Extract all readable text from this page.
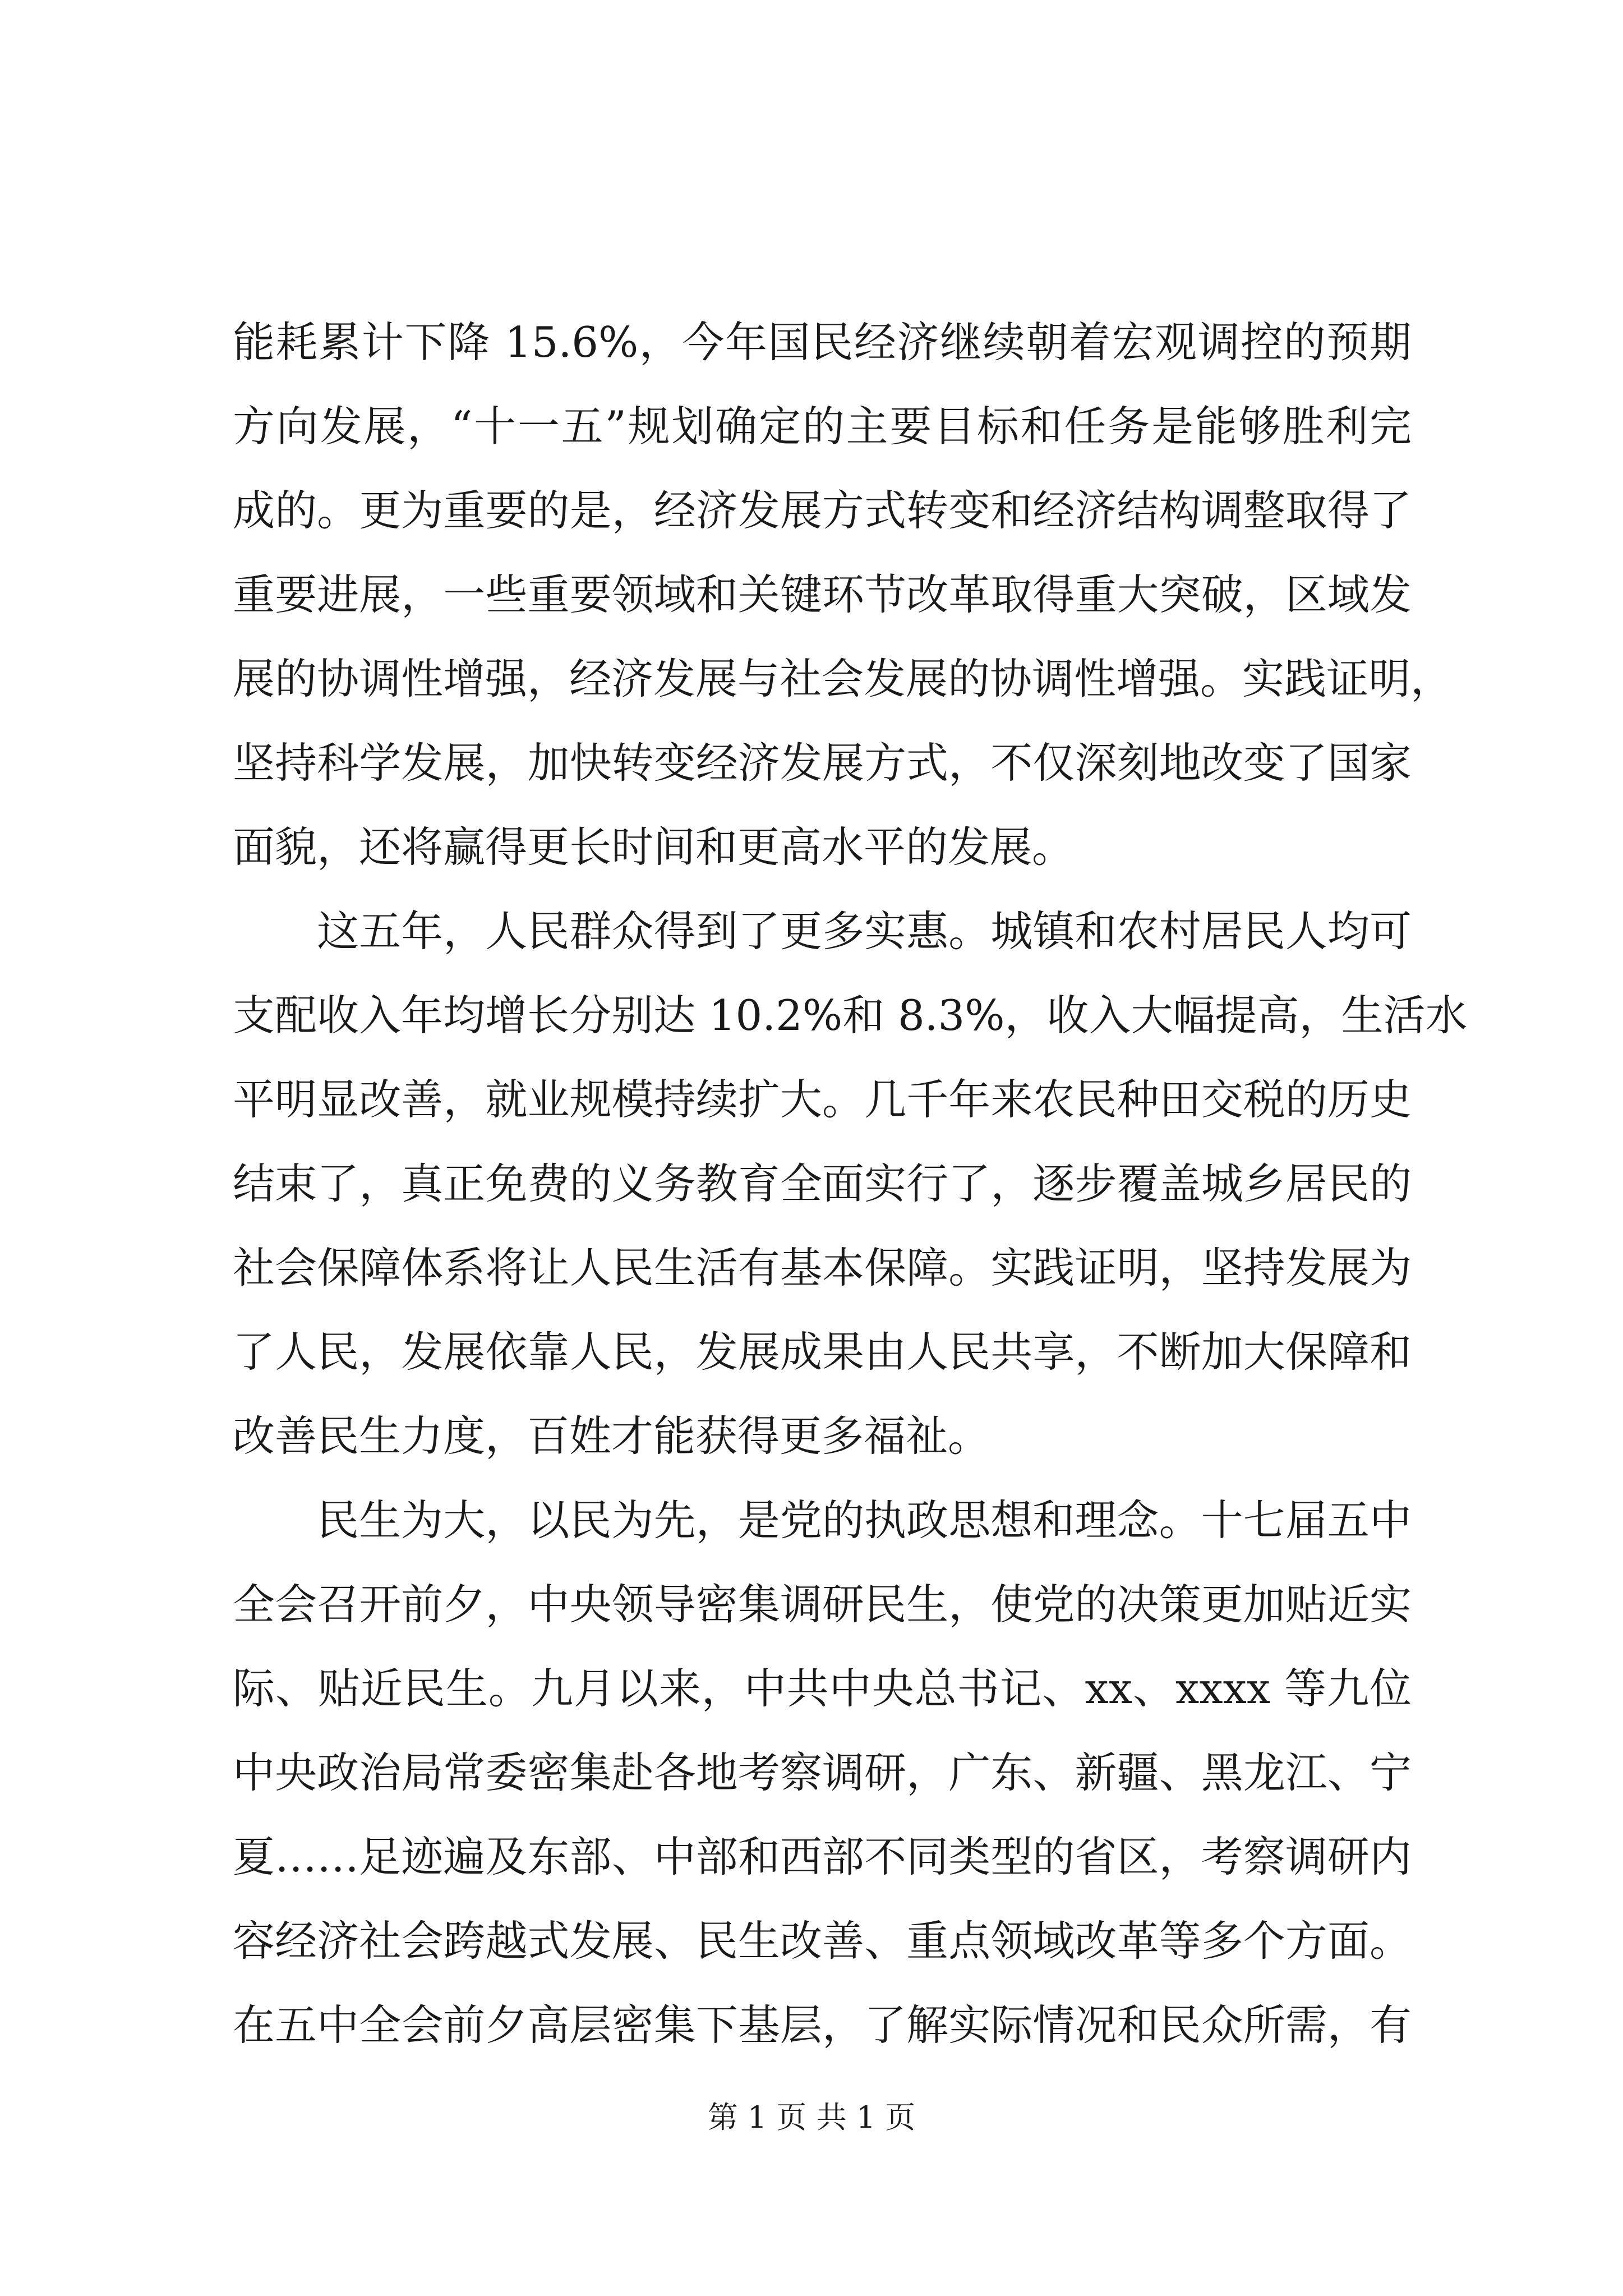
能耗累计下降 15.6%，今年国民经济继续朝着宏观调控的预期
方向发展，“十一五”规划确定的主要目标和任务是能够胜利完
成的。更为重要的是，经济发展方式转变和经济结构调整取得了
重要进展，一些重要领域和关键环节改革取得重大突破，区域发
展的协调性增强，经济发展与社会发展的协调性增强。实践证明，
坚持科学发展，加快转变经济发展方式，不仅深刻地改变了国家
面貌，还将赢得更长时间和更高水平的发展。
这五年，人民群众得到了更多实惠。城镇和农村居民人均可
支配收入年均增长分别达 10.2%和 8.3%，收入大幅提高，生活水
平明显改善，就业规模持续扩大。几千年来农民种田交税的历史
结束了，真正免费的义务教育全面实行了，逐步覆盖城乡居民的
社会保障体系将让人民生活有基本保障。实践证明，坚持发展为
了人民，发展依靠人民，发展成果由人民共享，不断加大保障和
改善民生力度，百姓才能获得更多福祉。
民生为大，以民为先，是党的执政思想和理念。十七届五中
全会召开前夕，中央领导密集调研民生，使党的决策更加贴近实
际、贴近民生。九月以来，中共中央总书记、xx、xxxx 等九位
中央政治局常委密集赴各地考察调研，广东、新疆、黑龙江、宁
夏……足迹遍及东部、中部和西部不同类型的省区，考察调研内
容经济社会跨越式发展、民生改善、重点领域改革等多个方面。
在五中全会前夕高层密集下基层，了解实际情况和民众所需，有
第 1 页 共 1 页
